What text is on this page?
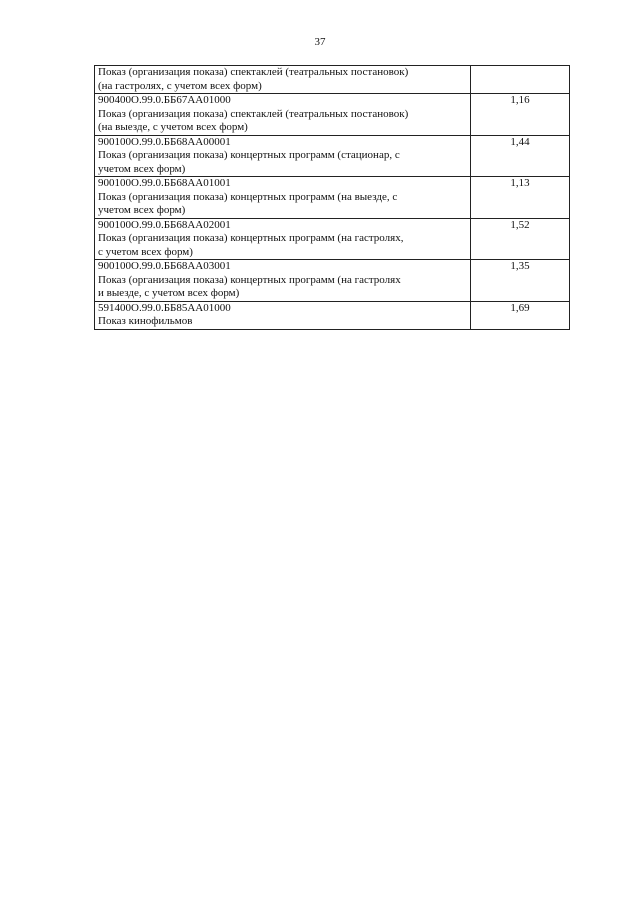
37
Показ (организация показа) спектаклей (театральных постановок)
(на гастролях, с учетом всех форм)	

900400О.99.0.ББ67АА01000
Показ (организация показа) спектаклей (театральных постановок)
(на выезде, с учетом всех форм)	1,16

900100О.99.0.ББ68АА00001
Показ (организация показа) концертных программ (стационар, с
учетом всех форм)	1,44

900100О.99.0.ББ68АА01001
Показ (организация показа) концертных программ (на выезде, с
учетом всех форм)	1,13

900100О.99.0.ББ68АА02001
Показ (организация показа) концертных программ (на гастролях,
с учетом всех форм)	1,52

900100О.99.0.ББ68АА03001
Показ (организация показа) концертных программ (на гастролях
и выезде, с учетом всех форм)	1,35

591400О.99.0.ББ85АА01000
Показ кинофильмов	1,69
